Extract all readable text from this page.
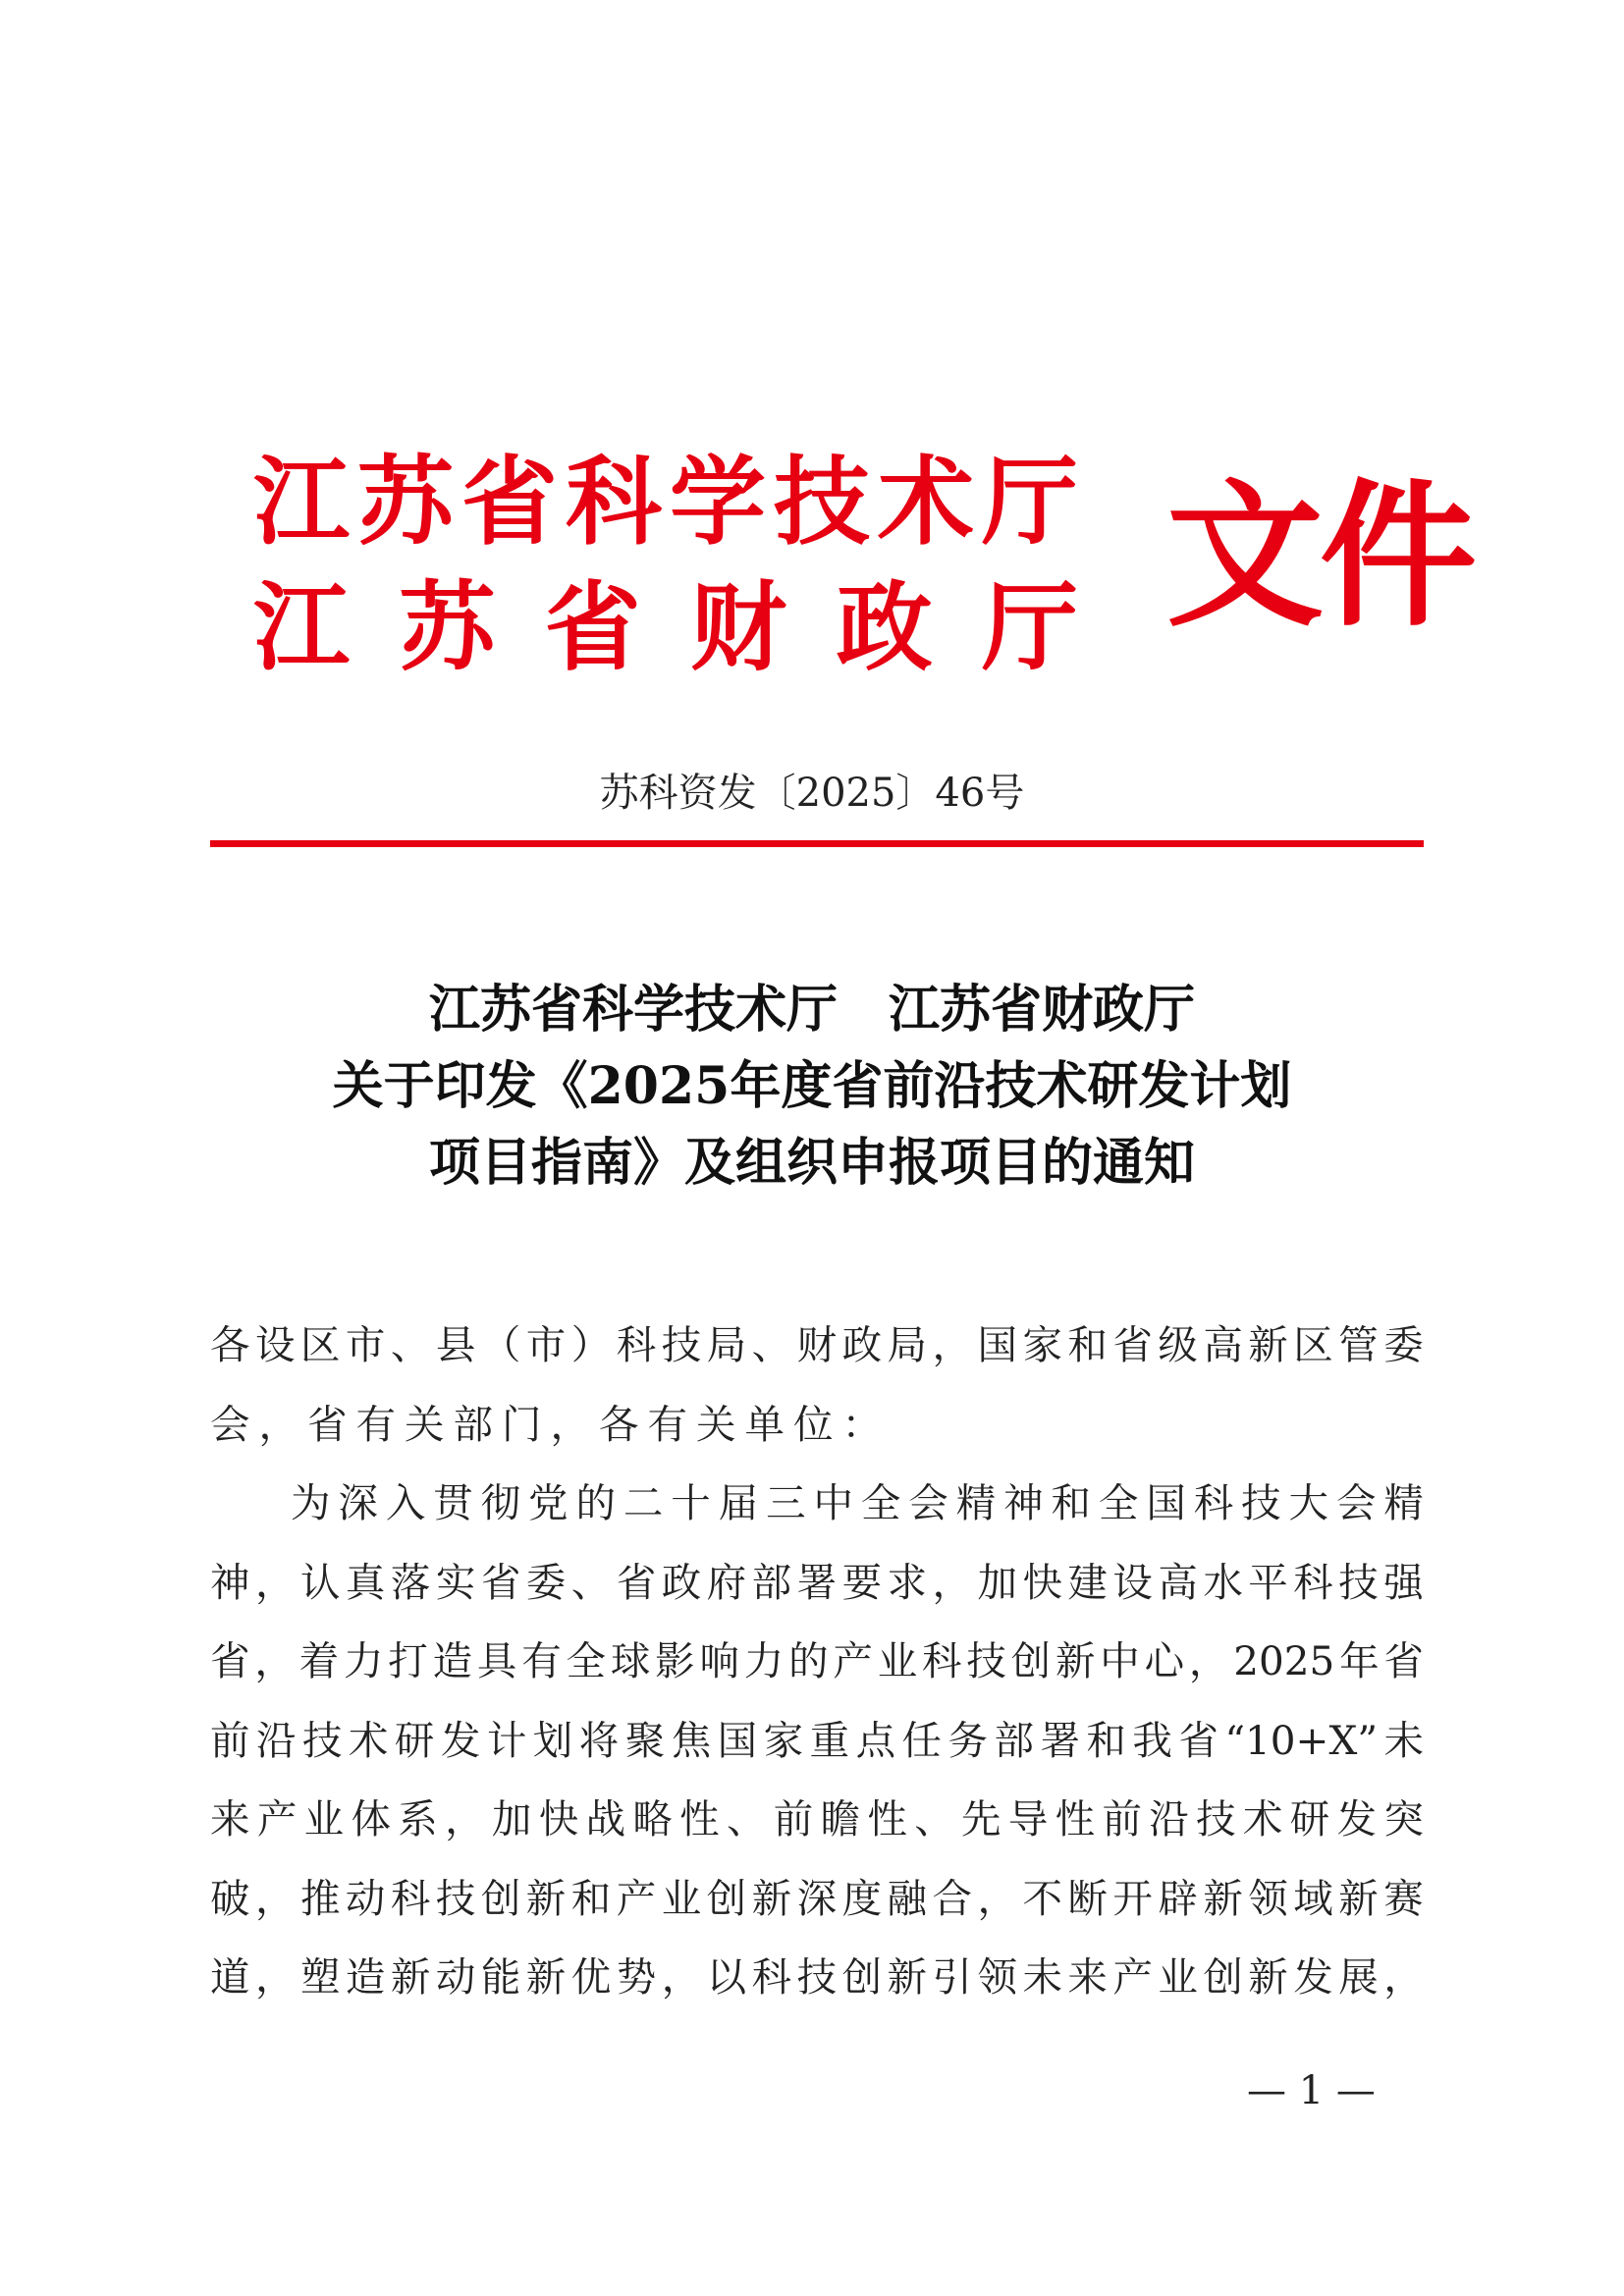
江 苏 省 科 学 技 术 厅
江 苏 省 财 政 厅 文件
苏科资发〔2025〕46号
江苏省科学技术厅 江苏省财政厅
关于印发《2025年度省前沿技术研发计划
项目指南》及组织申报项目的通知
各 设 区 市 、 县 （ 市 ） 科 技 局 、 财 政 局 ， 国 家 和 省 级 高 新 区 管 委
会，省有关部门，各有关单位：
为 深 入 贯 彻 党 的 二 十 届 三 中 全 会 精 神 和 全 国 科 技 大 会 精
神 ， 认 真 落 实 省 委 、 省 政 府 部 署 要 求 ， 加 快 建 设 高 水 平 科 技 强
省 ， 着 力 打 造 具 有 全 球 影 响 力 的 产 业 科 技 创 新 中 心 ， 2025 年 省
前 沿 技 术 研 发 计 划 将 聚 焦 国 家 重 点 任 务 部 署 和 我 省 “10+X” 未
来 产 业 体 系 ， 加 快 战 略 性 、 前 瞻 性 、 先 导 性 前 沿 技 术 研 发 突
破 ， 推 动 科 技 创 新 和 产 业 创 新 深 度 融 合 ， 不 断 开 辟 新 领 域 新 赛
道 ， 塑 造 新 动 能 新 优 势 ， 以 科 技 创 新 引 领 未 来 产 业 创 新 发 展 ，
— 1 —
